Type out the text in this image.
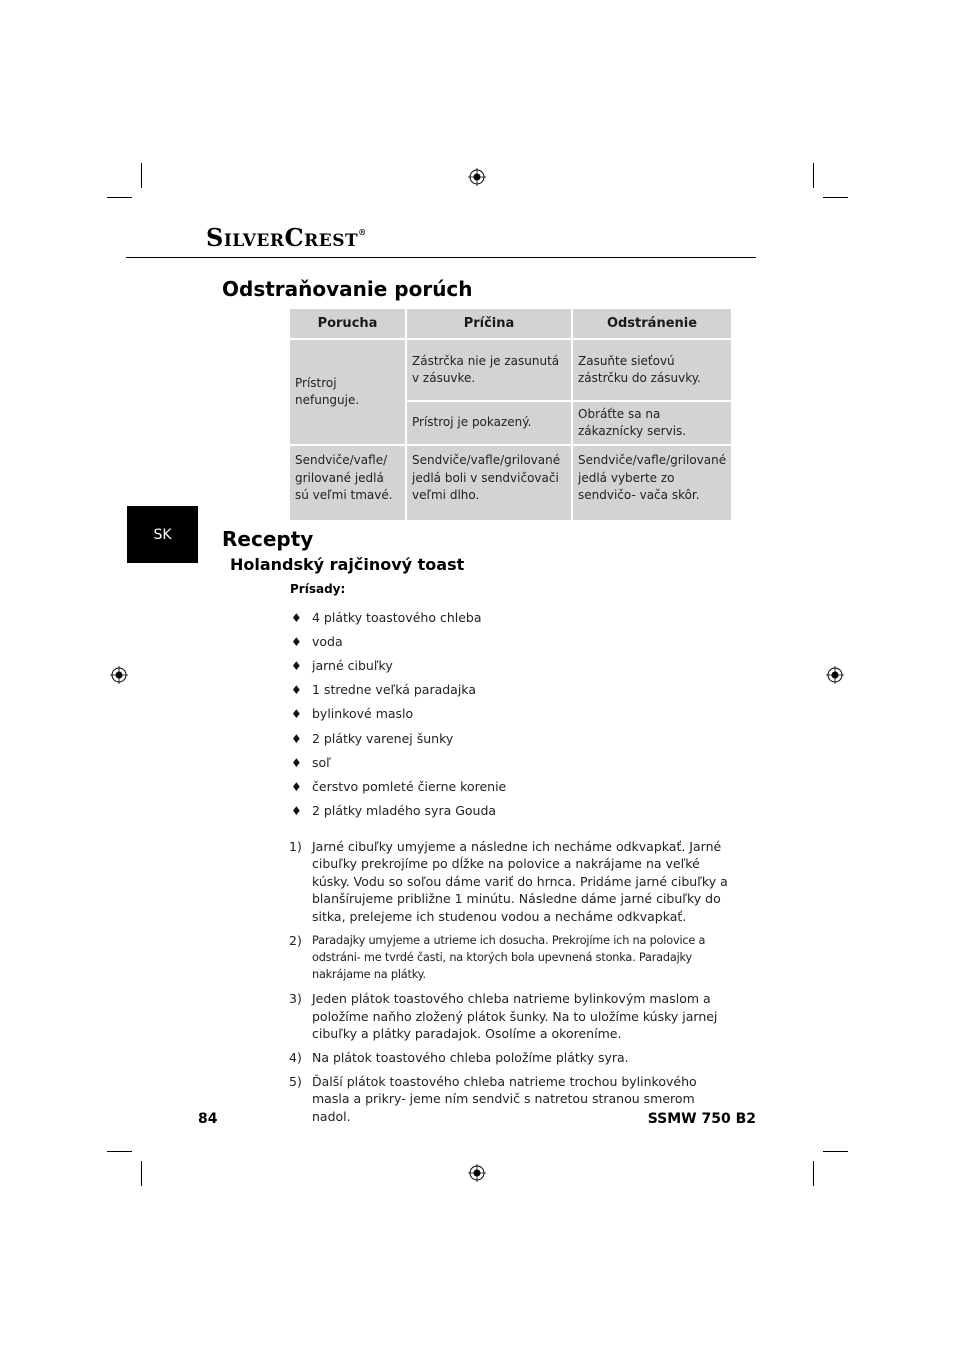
SILVERCREST®
SK
Odstraňovanie porúch
Porucha	Príčina	Odstránenie
Prístroj nefunguje.	Zástrčka nie je zasunutá v zásuvke.	Zasuňte sieťovú zástrčku do zásuvky.
	Prístroj je pokazený.	Obráťte sa na zákaznícky servis.
Sendviče/vafle/ grilované jedlá sú veľmi tmavé.	Sendviče/vafle/grilované jedlá boli v sendvičovači veľmi dlho.	Sendviče/vafle/grilované jedlá vyberte zo sendvičo- vača skôr.
Recepty
Holandský rajčinový toast
Prísady:
♦ 4 plátky toastového chleba
♦ voda
♦ jarné cibuľky
♦ 1 stredne veľká paradajka
♦ bylinkové maslo
♦ 2 plátky varenej šunky
♦ soľ
♦ čerstvo pomleté čierne korenie
♦ 2 plátky mladého syra Gouda
1) Jarné cibuľky umyjeme a následne ich necháme odkvapkať. Jarné cibuľky prekrojíme po dĺžke na polovice a nakrájame na veľké kúsky. Vodu so soľou dáme variť do hrnca. Pridáme jarné cibuľky a blanšírujeme približne 1 minútu. Následne dáme jarné cibuľky do sitka, prelejeme ich studenou vodou a necháme odkvapkať.
2) Paradajky umyjeme a utrieme ich dosucha. Prekrojíme ich na polovice a odstráni- me tvrdé časti, na ktorých bola upevnená stonka. Paradajky nakrájame na plátky.
3) Jeden plátok toastového chleba natrieme bylinkovým maslom a položíme naňho zložený plátok šunky. Na to uložíme kúsky jarnej cibuľky a plátky paradajok. Osolíme a okoreníme.
4) Na plátok toastového chleba položíme plátky syra.
5) Ďalší plátok toastového chleba natrieme trochou bylinkového masla a prikry- jeme ním sendvič s natretou stranou smerom nadol.
84	SSMW 750 B2
